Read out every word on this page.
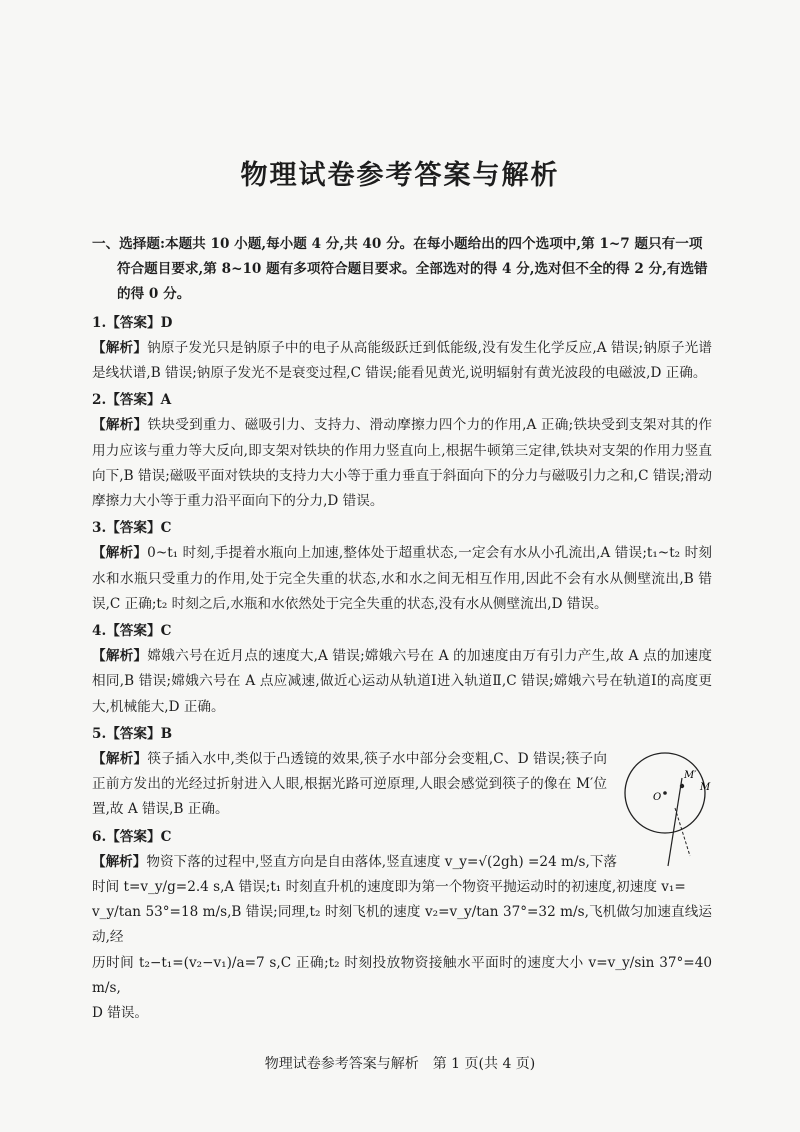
物理试卷参考答案与解析
一、选择题:本题共 10 小题,每小题 4 分,共 40 分。在每小题给出的四个选项中,第 1~7 题只有一项符合题目要求,第 8~10 题有多项符合题目要求。全部选对的得 4 分,选对但不全的得 2 分,有选错的得 0 分。
1.【答案】D
【解析】钠原子发光只是钠原子中的电子从高能级跃迁到低能级,没有发生化学反应,A 错误;钠原子光谱是线状谱,B 错误;钠原子发光不是衰变过程,C 错误;能看见黄光,说明辐射有黄光波段的电磁波,D 正确。
2.【答案】A
【解析】铁块受到重力、磁吸引力、支持力、滑动摩擦力四个力的作用,A 正确;铁块受到支架对其的作用力应该与重力等大反向,即支架对铁块的作用力竖直向上,根据牛顿第三定律,铁块对支架的作用力竖直向下,B 错误;磁吸平面对铁块的支持力大小等于重力垂直于斜面向下的分力与磁吸引力之和,C 错误;滑动摩擦力大小等于重力沿平面向下的分力,D 错误。
3.【答案】C
【解析】0~t₁ 时刻,手提着水瓶向上加速,整体处于超重状态,一定会有水从小孔流出,A 错误;t₁~t₂ 时刻水和水瓶只受重力的作用,处于完全失重的状态,水和水之间无相互作用,因此不会有水从侧壁流出,B 错误,C 正确;t₂ 时刻之后,水瓶和水依然处于完全失重的状态,没有水从侧壁流出,D 错误。
4.【答案】C
【解析】嫦娥六号在近月点的速度大,A 错误;嫦娥六号在 A 的加速度由万有引力产生,故 A 点的加速度相同,B 错误;嫦娥六号在 A 点应减速,做近心运动从轨道Ⅰ进入轨道Ⅱ,C 错误;嫦娥六号在轨道Ⅰ的高度更大,机械能大,D 正确。
5.【答案】B
【解析】筷子插入水中,类似于凸透镜的效果,筷子水中部分会变粗,C、D 错误;筷子向正前方发出的光经过折射进入人眼,根据光路可逆原理,人眼会感觉到筷子的像在 M′位置,故 A 错误,B 正确。
6.【答案】C
【解析】物资下落的过程中,竖直方向是自由落体,竖直速度 v_y=√(2gh) =24 m/s,下落
时间 t=v_y/g=2.4 s,A 错误;t₁ 时刻直升机的速度即为第一个物资平抛运动时的初速度,初速度 v₁=
v_y/tan 53°=18 m/s,B 错误;同理,t₂ 时刻飞机的速度 v₂=v_y/tan 37°=32 m/s,飞机做匀加速直线运动,经
历时间 t₂−t₁=(v₂−v₁)/a=7 s,C 正确;t₂ 时刻投放物资接触水平面时的速度大小 v=v_y/sin 37°=40 m/s,
D 错误。
M′
M
O
物理试卷参考答案与解析　第 1 页(共 4 页)
